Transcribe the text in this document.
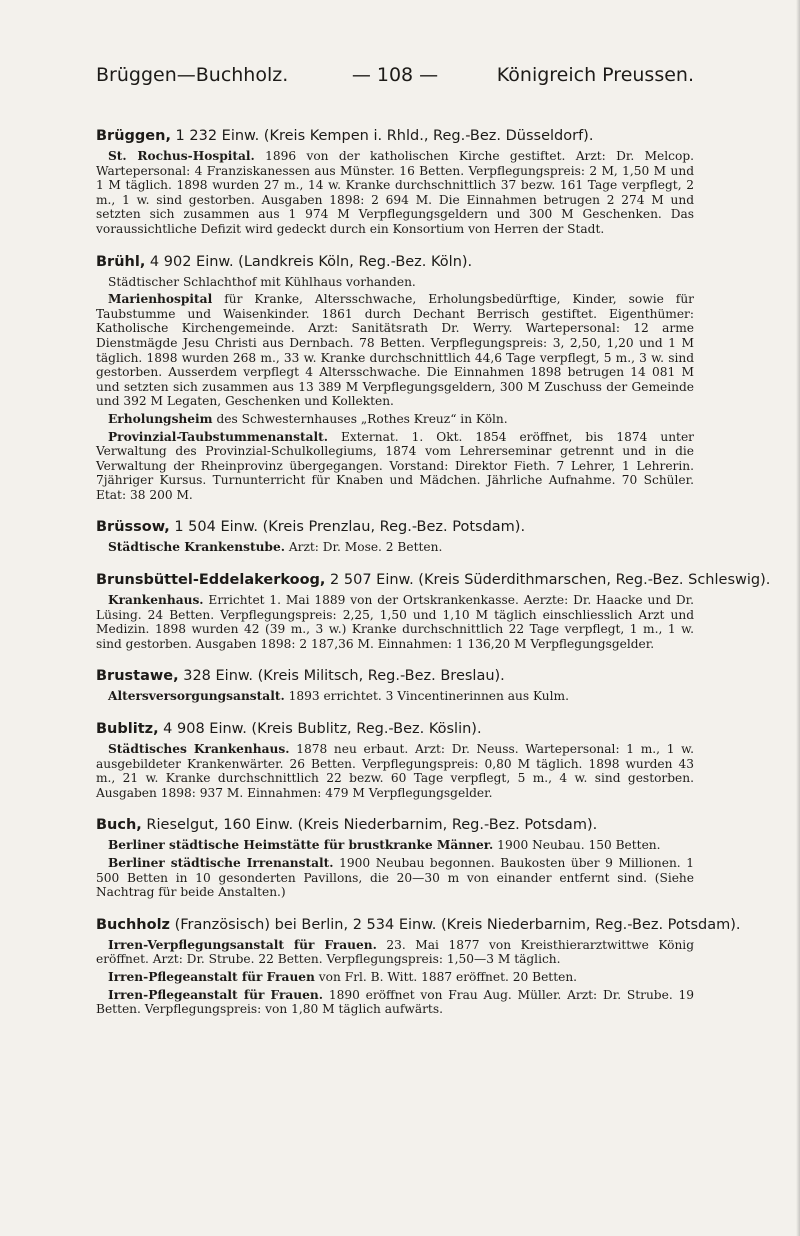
Brüggen—Buchholz.	— 108 —	Königreich Preussen.
Brüggen, 1 232 Einw. (Kreis Kempen i. Rhld., Reg.-Bez. Düsseldorf).

St. Rochus-Hospital. 1896 von der katholischen Kirche gestiftet. Arzt: Dr. Melcop. Wartepersonal: 4 Franziskanessen aus Münster. 16 Betten. Verpflegungspreis: 2 M, 1,50 M und 1 M täglich. 1898 wurden 27 m., 14 w. Kranke durchschnittlich 37 bezw. 161 Tage verpflegt, 2 m., 1 w. sind gestorben. Ausgaben 1898: 2 694 M. Die Einnahmen betrugen 2 274 M und setzten sich zusammen aus 1 974 M Verpflegungsgeldern und 300 M Geschenken. Das voraussichtliche Defizit wird gedeckt durch ein Konsortium von Herren der Stadt.

Brühl, 4 902 Einw. (Landkreis Köln, Reg.-Bez. Köln).

Städtischer Schlachthof mit Kühlhaus vorhanden.

Marienhospital für Kranke, Altersschwache, Erholungsbedürftige, Kinder, sowie für Taubstumme und Waisenkinder. 1861 durch Dechant Berrisch gestiftet. Eigenthümer: Katholische Kirchengemeinde. Arzt: Sanitätsrath Dr. Werry. Wartepersonal: 12 arme Dienstmägde Jesu Christi aus Dernbach. 78 Betten. Verpflegungspreis: 3, 2,50, 1,20 und 1 M täglich. 1898 wurden 268 m., 33 w. Kranke durchschnittlich 44,6 Tage verpflegt, 5 m., 3 w. sind gestorben. Ausserdem verpflegt 4 Altersschwache. Die Einnahmen 1898 betrugen 14 081 M und setzten sich zusammen aus 13 389 M Verpflegungsgeldern, 300 M Zuschuss der Gemeinde und 392 M Legaten, Geschenken und Kollekten.

Erholungsheim des Schwesternhauses „Rothes Kreuz“ in Köln.

Provinzial-Taubstummenanstalt. Externat. 1. Okt. 1854 eröffnet, bis 1874 unter Verwaltung des Provinzial-Schulkollegiums, 1874 vom Lehrerseminar getrennt und in die Verwaltung der Rheinprovinz übergegangen. Vorstand: Direktor Fieth. 7 Lehrer, 1 Lehrerin. 7jähriger Kursus. Turnunterricht für Knaben und Mädchen. Jährliche Aufnahme. 70 Schüler. Etat: 38 200 M.

Brüssow, 1 504 Einw. (Kreis Prenzlau, Reg.-Bez. Potsdam).

Städtische Krankenstube. Arzt: Dr. Mose. 2 Betten.

Brunsbüttel-Eddelakerkoog, 2 507 Einw. (Kreis Süderdithmarschen, Reg.-Bez. Schleswig).

Krankenhaus. Errichtet 1. Mai 1889 von der Ortskrankenkasse. Aerzte: Dr. Haacke und Dr. Lüsing. 24 Betten. Verpflegungspreis: 2,25, 1,50 und 1,10 M täglich einschliesslich Arzt und Medizin. 1898 wurden 42 (39 m., 3 w.) Kranke durchschnittlich 22 Tage verpflegt, 1 m., 1 w. sind gestorben. Ausgaben 1898: 2 187,36 M. Einnahmen: 1 136,20 M Verpflegungsgelder.

Brustawe, 328 Einw. (Kreis Militsch, Reg.-Bez. Breslau).

Altersversorgungsanstalt. 1893 errichtet. 3 Vincentinerinnen aus Kulm.

Bublitz, 4 908 Einw. (Kreis Bublitz, Reg.-Bez. Köslin).

Städtisches Krankenhaus. 1878 neu erbaut. Arzt: Dr. Neuss. Wartepersonal: 1 m., 1 w. ausgebildeter Krankenwärter. 26 Betten. Verpflegungspreis: 0,80 M täglich. 1898 wurden 43 m., 21 w. Kranke durchschnittlich 22 bezw. 60 Tage verpflegt, 5 m., 4 w. sind gestorben. Ausgaben 1898: 937 M. Einnahmen: 479 M Verpflegungsgelder.

Buch, Rieselgut, 160 Einw. (Kreis Niederbarnim, Reg.-Bez. Potsdam).

Berliner städtische Heimstätte für brustkranke Männer. 1900 Neubau. 150 Betten.

Berliner städtische Irrenanstalt. 1900 Neubau begonnen. Baukosten über 9 Millionen. 1 500 Betten in 10 gesonderten Pavillons, die 20—30 m von einander entfernt sind. (Siehe Nachtrag für beide Anstalten.)

Buchholz (Französisch) bei Berlin, 2 534 Einw. (Kreis Niederbarnim, Reg.-Bez. Potsdam).

Irren-Verpflegungsanstalt für Frauen. 23. Mai 1877 von Kreisthierarztwittwe König eröffnet. Arzt: Dr. Strube. 22 Betten. Verpflegungspreis: 1,50—3 M täglich.

Irren-Pflegeanstalt für Frauen von Frl. B. Witt. 1887 eröffnet. 20 Betten.

Irren-Pflegeanstalt für Frauen. 1890 eröffnet von Frau Aug. Müller. Arzt: Dr. Strube. 19 Betten. Verpflegungspreis: von 1,80 M täglich aufwärts.
